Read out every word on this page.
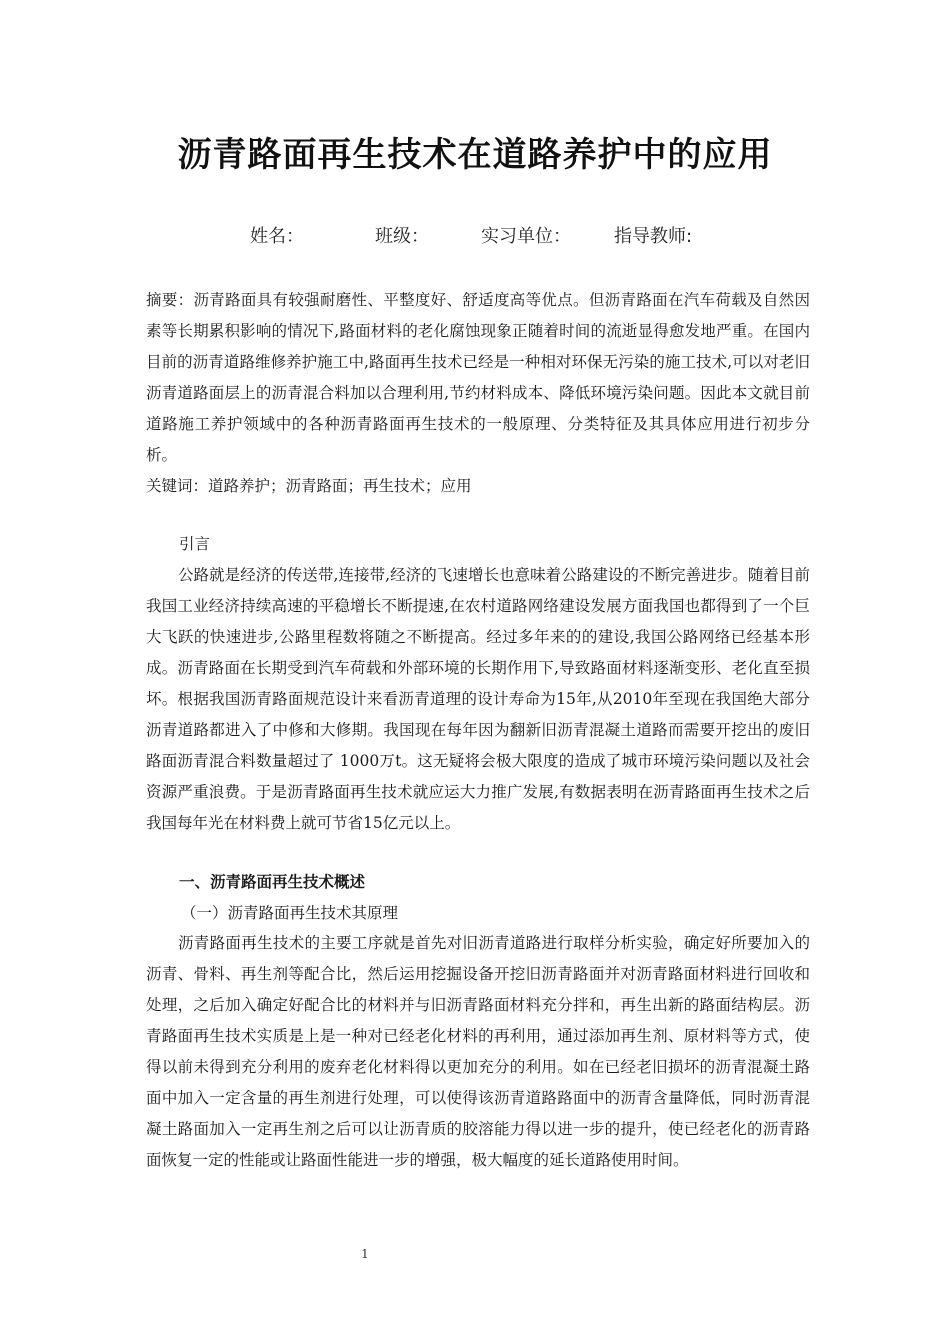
沥青路面再生技术在道路养护中的应用
姓名：	班级：	实习单位： 指导教师:
摘要：沥青路面具有较强耐磨性、平整度好、舒适度高等优点。但沥青路面在汽车荷载及自然因素等长期累积影响的情况下,路面材料的老化腐蚀现象正随着时间的流逝显得愈发地严重。在国内目前的沥青道路维修养护施工中,路面再生技术已经是一种相对环保无污染的施工技术,可以对老旧沥青道路面层上的沥青混合料加以合理利用,节约材料成本、降低环境污染问题。因此本文就目前道路施工养护领域中的各种沥青路面再生技术的一般原理、分类特征及其具体应用进行初步分析。
关键词：道路养护；沥青路面；再生技术；应用
引言
公路就是经济的传送带,连接带,经济的飞速增长也意味着公路建设的不断完善进步。随着目前我国工业经济持续高速的平稳增长不断提速,在农村道路网络建设发展方面我国也都得到了一个巨大飞跃的快速进步,公路里程数将随之不断提高。经过多年来的的建设,我国公路网络已经基本形成。沥青路面在长期受到汽车荷载和外部环境的长期作用下,导致路面材料逐渐变形、老化直至损坏。根据我国沥青路面规范设计来看沥青道理的设计寿命为15年,从2010年至现在我国绝大部分沥青道路都进入了中修和大修期。我国现在每年因为翻新旧沥青混凝土道路而需要开挖出的废旧路面沥青混合料数量超过了 1000万t。这无疑将会极大限度的造成了城市环境污染问题以及社会资源严重浪费。于是沥青路面再生技术就应运大力推广发展,有数据表明在沥青路面再生技术之后我国每年光在材料费上就可节省15亿元以上。
一、沥青路面再生技术概述
（一）沥青路面再生技术其原理
沥青路面再生技术的主要工序就是首先对旧沥青道路进行取样分析实验，确定好所要加入的沥青、骨料、再生剂等配合比，然后运用挖掘设备开挖旧沥青路面并对沥青路面材料进行回收和处理，之后加入确定好配合比的材料并与旧沥青路面材料充分拌和，再生出新的路面结构层。沥青路面再生技术实质是上是一种对已经老化材料的再利用，通过添加再生剂、原材料等方式，使得以前未得到充分利用的废弃老化材料得以更加充分的利用。如在已经老旧损坏的沥青混凝土路面中加入一定含量的再生剂进行处理，可以使得该沥青道路路面中的沥青含量降低，同时沥青混凝土路面加入一定再生剂之后可以让沥青质的胶溶能力得以进一步的提升，使已经老化的沥青路面恢复一定的性能或让路面性能进一步的增强，极大幅度的延长道路使用时间。
1
